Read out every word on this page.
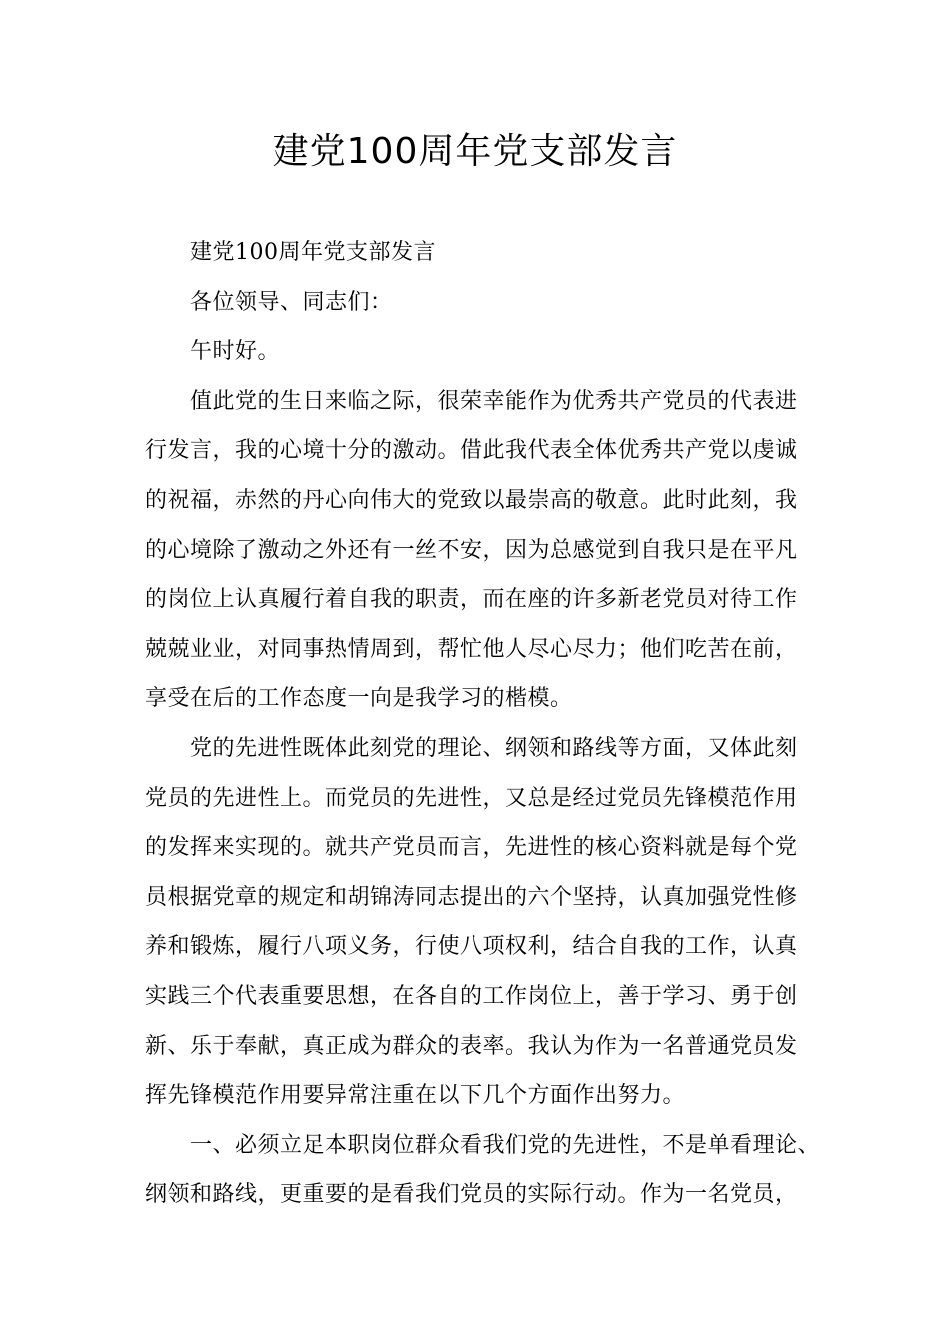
建党100周年党支部发言
建党100周年党支部发言
各位领导、同志们：
午时好。
值此党的生日来临之际，很荣幸能作为优秀共产党员的代表进
行发言，我的心境十分的激动。借此我代表全体优秀共产党以虔诚
的祝福，赤然的丹心向伟大的党致以最崇高的敬意。此时此刻，我
的心境除了激动之外还有一丝不安，因为总感觉到自我只是在平凡
的岗位上认真履行着自我的职责，而在座的许多新老党员对待工作
兢兢业业，对同事热情周到，帮忙他人尽心尽力；他们吃苦在前，
享受在后的工作态度一向是我学习的楷模。
党的先进性既体此刻党的理论、纲领和路线等方面，又体此刻
党员的先进性上。而党员的先进性，又总是经过党员先锋模范作用
的发挥来实现的。就共产党员而言，先进性的核心资料就是每个党
员根据党章的规定和胡锦涛同志提出的六个坚持，认真加强党性修
养和锻炼，履行八项义务，行使八项权利，结合自我的工作，认真
实践三个代表重要思想，在各自的工作岗位上，善于学习、勇于创
新、乐于奉献，真正成为群众的表率。我认为作为一名普通党员发
挥先锋模范作用要异常注重在以下几个方面作出努力。
一、必须立足本职岗位群众看我们党的先进性，不是单看理论、
纲领和路线，更重要的是看我们党员的实际行动。作为一名党员，
